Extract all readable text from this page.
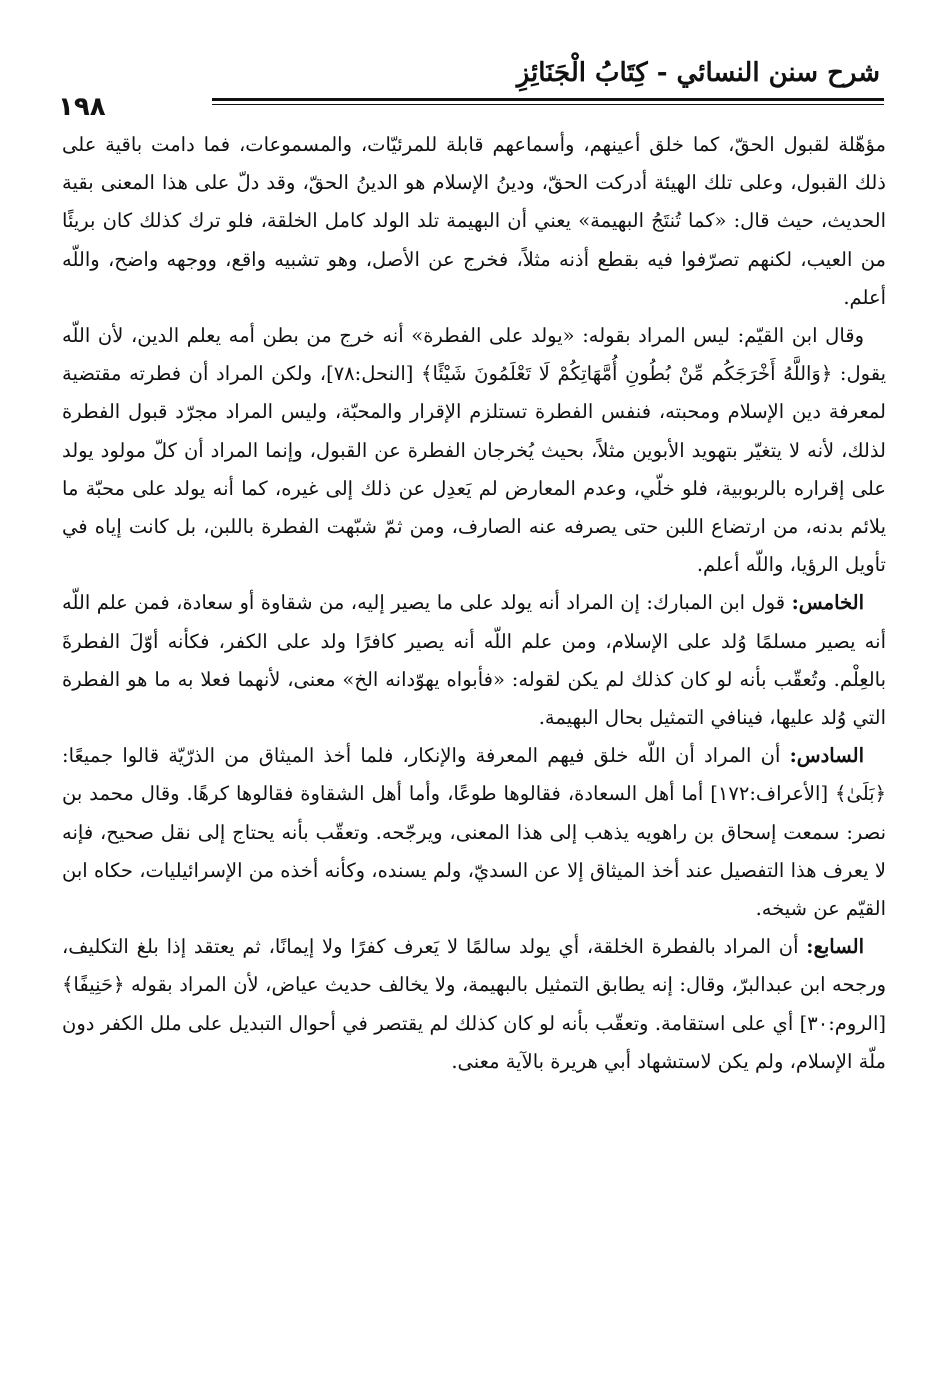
شرح سنن النسائي - كِتَابُ الْجَنَائِزِ
١٩٨

مؤهّلة لقبول الحقّ، كما خلق أعينهم، وأسماعهم قابلة للمرئيّات، والمسموعات، فما دامت باقية على ذلك القبول، وعلى تلك الهيئة أدركت الحقّ، ودينُ الإسلام هو الدينُ الحقّ، وقد دلّ على هذا المعنى بقية الحديث، حيث قال: «كما تُنتَجُ البهيمة» يعني أن البهيمة تلد الولد كامل الخلقة، فلو ترك كذلك كان بريئًا من العيب، لكنهم تصرّفوا فيه بقطع أذنه مثلاً، فخرج عن الأصل، وهو تشبيه واقع، ووجهه واضح، واللّه أعلم.

وقال ابن القيّم: ليس المراد بقوله: «يولد على الفطرة» أنه خرج من بطن أمه يعلم الدين، لأن اللّه يقول: ﴿وَاللَّهُ أَخْرَجَكُم مِّنْ بُطُونِ أُمَّهَاتِكُمْ لَا تَعْلَمُونَ شَيْئًا﴾ [النحل:٧٨]، ولكن المراد أن فطرته مقتضية لمعرفة دين الإسلام ومحبته، فنفس الفطرة تستلزم الإقرار والمحبّة، وليس المراد مجرّد قبول الفطرة لذلك، لأنه لا يتغيّر بتهويد الأبوين مثلاً، بحيث يُخرجان الفطرة عن القبول، وإنما المراد أن كلّ مولود يولد على إقراره بالربوبية، فلو خلّي، وعدم المعارض لم يَعدِل عن ذلك إلى غيره، كما أنه يولد على محبّة ما يلائم بدنه، من ارتضاع اللبن حتى يصرفه عنه الصارف، ومن ثمّ شبّهت الفطرة باللبن، بل كانت إياه في تأويل الرؤيا، واللّه أعلم.

الخامس: قول ابن المبارك: إن المراد أنه يولد على ما يصير إليه، من شقاوة أو سعادة، فمن علم اللّه أنه يصير مسلمًا وُلد على الإسلام، ومن علم اللّه أنه يصير كافرًا ولد على الكفر، فكأنه أوّلَ الفطرةَ بالعِلْم. وتُعقّب بأنه لو كان كذلك لم يكن لقوله: «فأبواه يهوّدانه الخ» معنى، لأنهما فعلا به ما هو الفطرة التي وُلد عليها، فينافي التمثيل بحال البهيمة.

السادس: أن المراد أن اللّه خلق فيهم المعرفة والإنكار، فلما أخذ الميثاق من الذرّيّة قالوا جميعًا: ﴿بَلَىٰ﴾ [الأعراف:١٧٢] أما أهل السعادة، فقالوها طوعًا، وأما أهل الشقاوة فقالوها كرهًا. وقال محمد بن نصر: سمعت إسحاق بن راهويه يذهب إلى هذا المعنى، ويرجّحه. وتعقّب بأنه يحتاج إلى نقل صحيح، فإنه لا يعرف هذا التفصيل عند أخذ الميثاق إلا عن السديّ، ولم يسنده، وكأنه أخذه من الإسرائيليات، حكاه ابن القيّم عن شيخه.

السابع: أن المراد بالفطرة الخلقة، أي يولد سالمًا لا يَعرف كفرًا ولا إيمانًا، ثم يعتقد إذا بلغ التكليف، ورجحه ابن عبدالبرّ، وقال: إنه يطابق التمثيل بالبهيمة، ولا يخالف حديث عياض، لأن المراد بقوله ﴿حَنِيفًا﴾ [الروم:٣٠] أي على استقامة. وتعقّب بأنه لو كان كذلك لم يقتصر في أحوال التبديل على ملل الكفر دون ملّة الإسلام، ولم يكن لاستشهاد أبي هريرة بالآية معنى.
